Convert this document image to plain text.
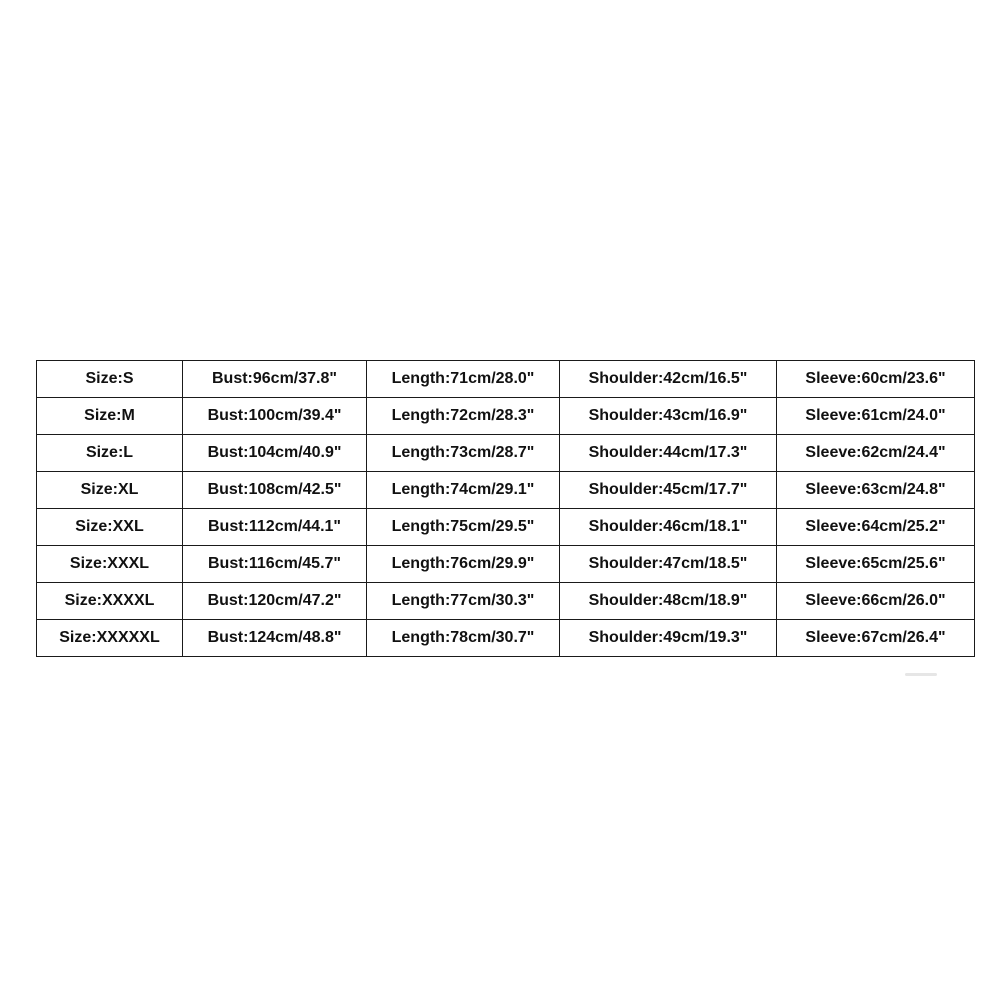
Size:S	Bust:96cm/37.8"	Length:71cm/28.0"	Shoulder:42cm/16.5"	Sleeve:60cm/23.6"
Size:M	Bust:100cm/39.4"	Length:72cm/28.3"	Shoulder:43cm/16.9"	Sleeve:61cm/24.0"
Size:L	Bust:104cm/40.9"	Length:73cm/28.7"	Shoulder:44cm/17.3"	Sleeve:62cm/24.4"
Size:XL	Bust:108cm/42.5"	Length:74cm/29.1"	Shoulder:45cm/17.7"	Sleeve:63cm/24.8"
Size:XXL	Bust:112cm/44.1"	Length:75cm/29.5"	Shoulder:46cm/18.1"	Sleeve:64cm/25.2"
Size:XXXL	Bust:116cm/45.7"	Length:76cm/29.9"	Shoulder:47cm/18.5"	Sleeve:65cm/25.6"
Size:XXXXL	Bust:120cm/47.2"	Length:77cm/30.3"	Shoulder:48cm/18.9"	Sleeve:66cm/26.0"
Size:XXXXXL	Bust:124cm/48.8"	Length:78cm/30.7"	Shoulder:49cm/19.3"	Sleeve:67cm/26.4"
